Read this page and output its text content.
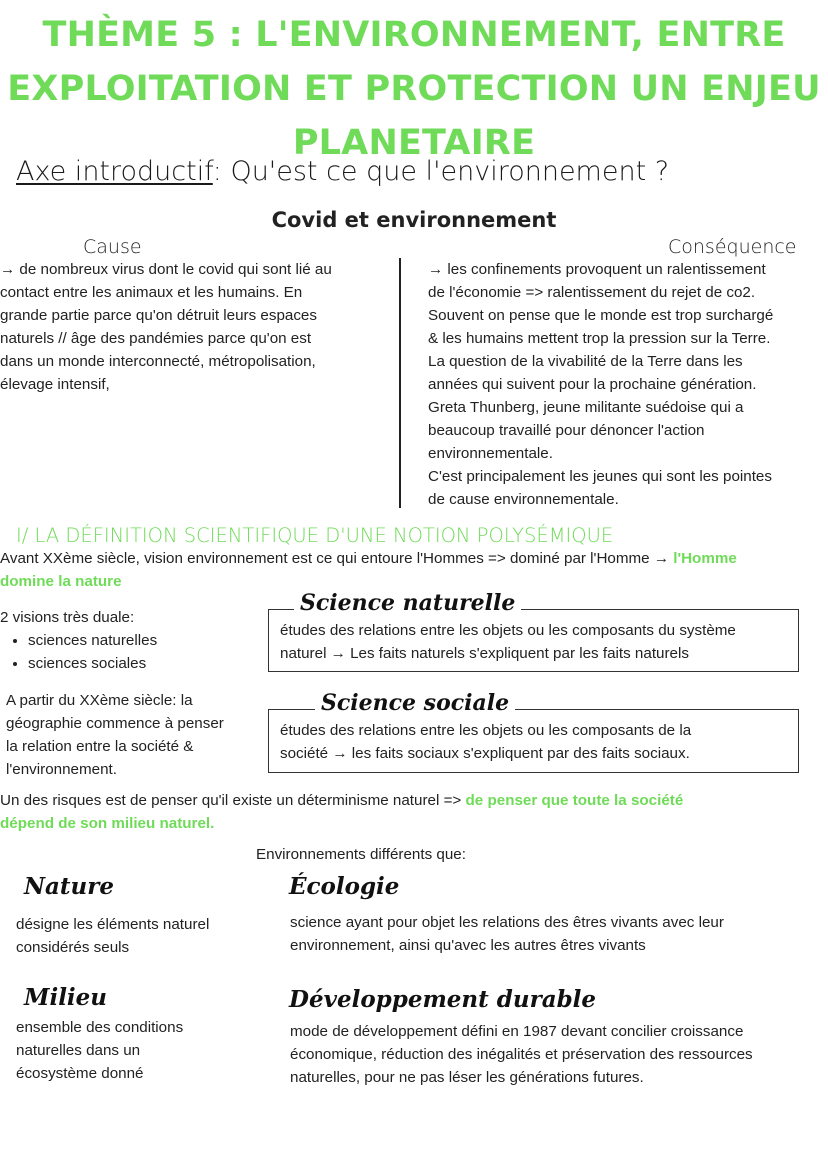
THÈME 5 : L'ENVIRONNEMENT, ENTRE
EXPLOITATION ET PROTECTION UN ENJEU
PLANETAIRE
Axe introductif: Qu'est ce que l'environnement ?
Covid et environnement
Cause	Conséquence
→ de nombreux virus dont le covid qui sont lié au
contact entre les animaux et les humains. En
grande partie parce qu'on détruit leurs espaces
naturels // âge des pandémies parce qu'on est
dans un monde interconnecté, métropolisation,
élevage intensif,
→ les confinements provoquent un ralentissement
de l'économie => ralentissement du rejet de co2.
Souvent on pense que le monde est trop surchargé
& les humains mettent trop la pression sur la Terre.
La question de la vivabilité de la Terre dans les
années qui suivent pour la prochaine génération.
Greta Thunberg, jeune militante suédoise qui a
beaucoup travaillé pour dénoncer l'action
environnementale.
C'est principalement les jeunes qui sont les pointes
de cause environnementale.
I/ LA DÉFINITION SCIENTIFIQUE D'UNE NOTION POLYSÉMIQUE
Avant XXème siècle, vision environnement est ce qui entoure l'Hommes => dominé par l'Homme → l'Homme
domine la nature
2 visions très duale:
• sciences naturelles
• sciences sociales
A partir du XXème siècle: la
géographie commence à penser
la relation entre la société &
l'environnement.
études des relations entre les objets ou les composants du système
naturel → Les faits naturels s'expliquent par les faits naturels
Science naturelle
études des relations entre les objets ou les composants de la
société → les faits sociaux s'expliquent par des faits sociaux.
Science sociale
Un des risques est de penser qu'il existe un déterminisme naturel => de penser que toute la société
dépend de son milieu naturel.
Environnements différents que:
Nature
désigne les éléments naturel
considérés seuls
Écologie
science ayant pour objet les relations des êtres vivants avec leur
environnement, ainsi qu'avec les autres êtres vivants
Milieu
ensemble des conditions
naturelles dans un
écosystème donné
Développement durable
mode de développement défini en 1987 devant concilier croissance
économique, réduction des inégalités et préservation des ressources
naturelles, pour ne pas léser les générations futures.
